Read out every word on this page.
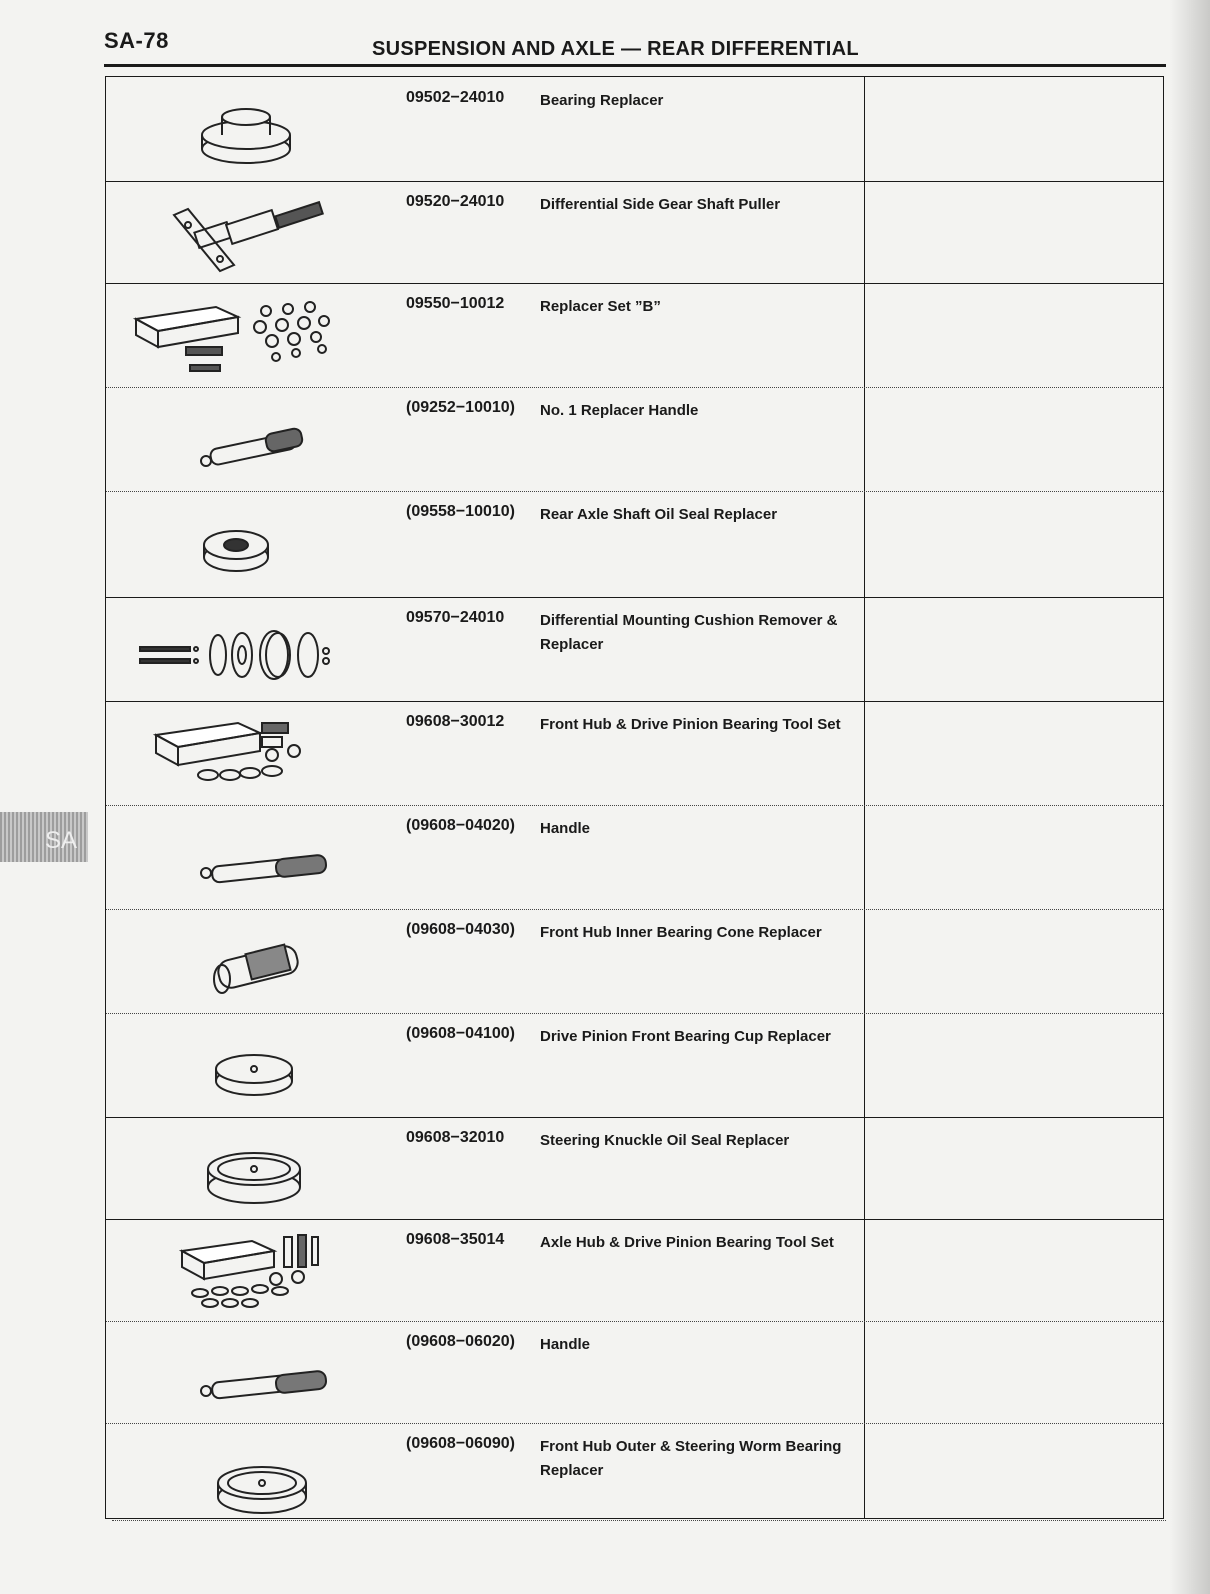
SA-78	SUSPENSION AND AXLE — REAR DIFFERENTIAL
SA
09502−24010 Bearing Replacer
09520−24010 Differential Side Gear Shaft Puller
09550−10012 Replacer Set ”B”
(09252−10010) No. 1 Replacer Handle
(09558−10010) Rear Axle Shaft Oil Seal Replacer
09570−24010 Differential Mounting Cushion Remover & Replacer
09608−30012 Front Hub & Drive Pinion Bearing Tool Set
(09608−04020) Handle
(09608−04030) Front Hub Inner Bearing Cone Replacer
(09608−04100) Drive Pinion Front Bearing Cup Replacer
09608−32010 Steering Knuckle Oil Seal Replacer
09608−35014 Axle Hub & Drive Pinion Bearing Tool Set
(09608−06020) Handle
(09608−06090) Front Hub Outer & Steering Worm Bearing Replacer
